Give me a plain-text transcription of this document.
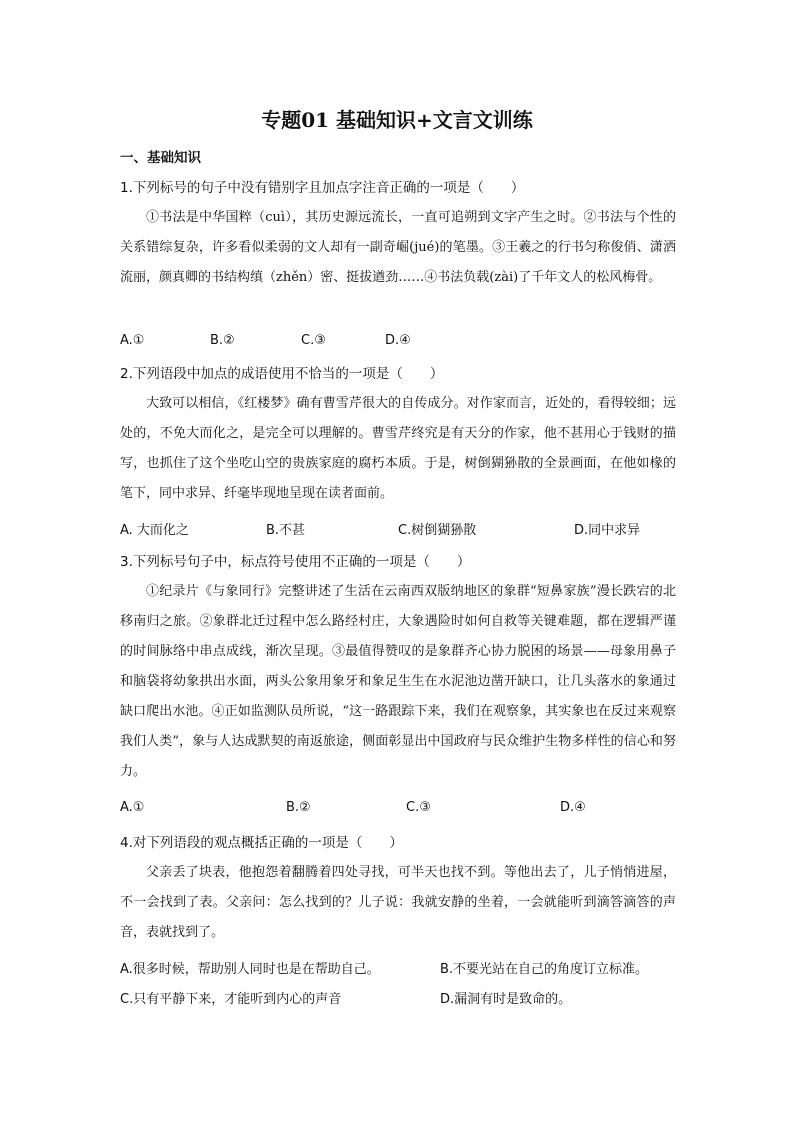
专题01 基础知识+文言文训练
一、基础知识
1.下列标号的句子中没有错别字且加点字注音正确的一项是（　　）
①书法是中华国粹（cuì），其历史源远流长，一直可追朔到文字产生之时。②书法与个性的关系错综复杂，许多看似柔弱的文人却有一副奇崛(jué)的笔墨。③王羲之的行书匀称俊俏、潇洒流丽，颜真卿的书结构缜（zhěn）密、挺拔遒劲……④书法负载(zài)了千年文人的松风梅骨。
A.①	B.②	C.③	D.④
2.下列语段中加点的成语使用不恰当的一项是（　　）
大致可以相信，《红楼梦》确有曹雪芹很大的自传成分。对作家而言，近处的，看得较细；远处的，不免大而化之，是完全可以理解的。曹雪芹终究是有天分的作家，他不甚用心于钱财的描写，也抓住了这个坐吃山空的贵族家庭的腐朽本质。于是，树倒猢狲散的全景画面，在他如椽的笔下，同中求异、纤毫毕现地呈现在读者面前。
A. 大而化之	B.不甚	C.树倒猢狲散	D.同中求异
3.下列标号句子中，标点符号使用不正确的一项是（　　）
①纪录片《与象同行》完整讲述了生活在云南西双版纳地区的象群“短鼻家族”漫长跌宕的北移南归之旅。②象群北迁过程中怎么路经村庄，大象遇险时如何自救等关键难题，都在逻辑严谨的时间脉络中串点成线，渐次呈现。③最值得赞叹的是象群齐心协力脱困的场景——母象用鼻子和脑袋将幼象拱出水面，两头公象用象牙和象足生生在水泥池边凿开缺口，让几头落水的象通过缺口爬出水池。④正如监测队员所说，“这一路跟踪下来，我们在观察象，其实象也在反过来观察我们人类”，象与人达成默契的南返旅途，侧面彰显出中国政府与民众维护生物多样性的信心和努力。
A.①	B.②	C.③	D.④
4.对下列语段的观点概括正确的一项是（　　）
父亲丢了块表，他抱怨着翻腾着四处寻找，可半天也找不到。等他出去了，儿子悄悄进屋，不一会找到了表。父亲问：怎么找到的？儿子说：我就安静的坐着，一会就能听到滴答滴答的声音，表就找到了。
A.很多时候，帮助别人同时也是在帮助自己。	B.不要光站在自己的角度订立标准。
C.只有平静下来，才能听到内心的声音	D.漏洞有时是致命的。
